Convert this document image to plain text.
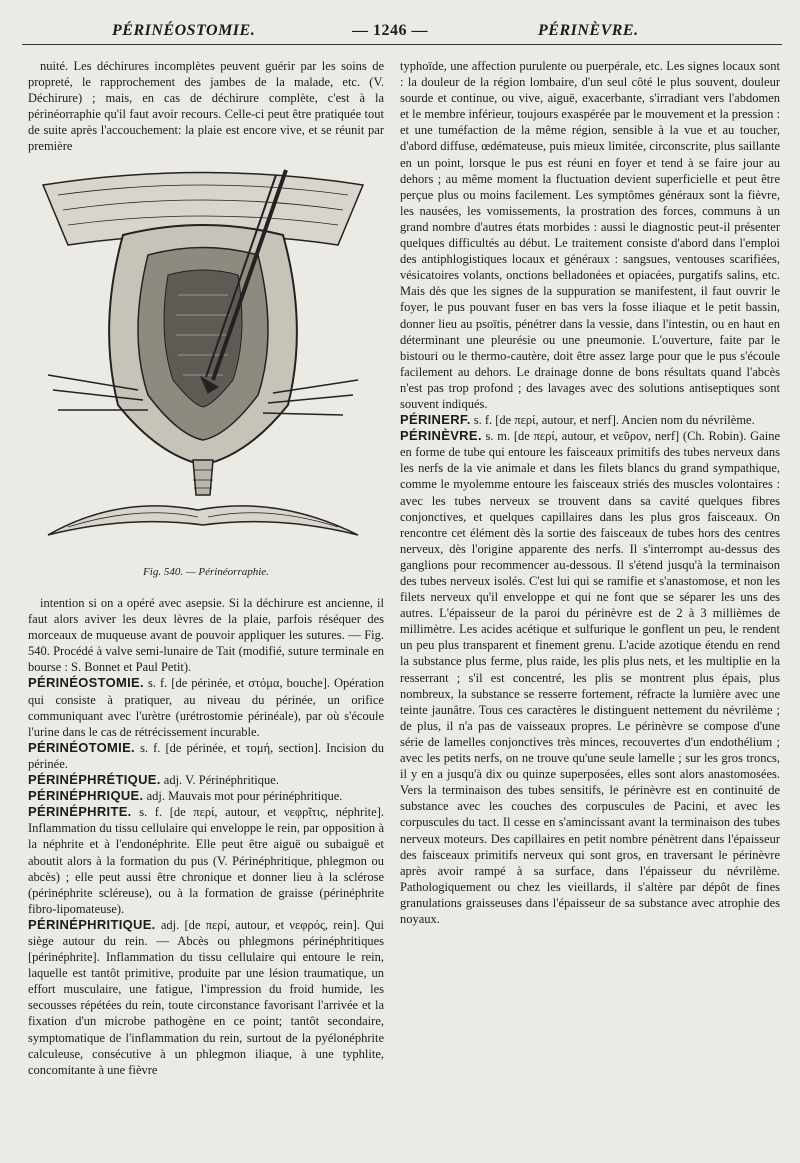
PÉRINÉOSTOMIE.	— 1246 —	PÉRINÈVRE.

nuité. Les déchirures incomplètes peuvent guérir par les soins de propreté, le rapprochement des jambes de la malade, etc. (V. Déchirure) ; mais, en cas de déchirure complète, c'est à la périnéorraphie qu'il faut avoir recours. Celle-ci peut être pratiquée tout de suite après l'accouchement: la plaie est encore vive, et se réunit par première

Fig. 540. — Périnéorraphie.

intention si on a opéré avec asepsie. Si la déchirure est ancienne, il faut alors aviver les deux lèvres de la plaie, parfois réséquer des morceaux de muqueuse avant de pouvoir appliquer les sutures. — Fig. 540. Procédé à valve semi-lunaire de Tait (modifié, suture terminale en bourse : S. Bonnet et Paul Petit).

PÉRINÉOSTOMIE. s. f. [de périnée, et στόμα, bouche]. Opération qui consiste à pratiquer, au niveau du périnée, un orifice communiquant avec l'urètre (urétrostomie périnéale), par où s'écoule l'urine dans le cas de rétrécissement incurable.

PÉRINÉOTOMIE. s. f. [de périnée, et τομή, section]. Incision du périnée.

PÉRINÉPHRÉTIQUE. adj. V. Périnéphritique.

PÉRINÉPHRIQUE. adj. Mauvais mot pour périnéphritique.

PÉRINÉPHRITE. s. f. [de περί, autour, et νεφρῖτις, néphrite]. Inflammation du tissu cellulaire qui enveloppe le rein, par opposition à la néphrite et à l'endonéphrite. Elle peut être aiguë ou subaiguë et aboutit alors à la formation du pus (V. Périnéphritique, phlegmon ou abcès) ; elle peut aussi être chronique et donner lieu à la sclérose (périnéphrite scléreuse), ou à la formation de graisse (périnéphrite fibro-lipomateuse).

PÉRINÉPHRITIQUE. adj. [de περί, autour, et νεφρός, rein]. Qui siège autour du rein. — Abcès ou phlegmons périnéphritiques [périnéphrite]. Inflammation du tissu cellulaire qui entoure le rein, laquelle est tantôt primitive, produite par une lésion traumatique, un effort musculaire, une fatigue, l'impression du froid humide, les secousses répétées du rein, toute circonstance favorisant l'arrivée et la fixation d'un microbe pathogène en ce point; tantôt secondaire, symptomatique de l'inflammation du rein, surtout de la pyélonéphrite calculeuse, consécutive à un phlegmon iliaque, à une typhlite, concomitante à une fièvre

typhoïde, une affection purulente ou puerpérale, etc. Les signes locaux sont : la douleur de la région lombaire, d'un seul côté le plus souvent, douleur sourde et continue, ou vive, aiguë, exacerbante, s'irradiant vers l'abdomen et le membre inférieur, toujours exaspérée par le mouvement et la pression : et une tuméfaction de la même région, sensible à la vue et au toucher, d'abord diffuse, œdémateuse, puis mieux limitée, circonscrite, plus saillante en un point, lorsque le pus est réuni en foyer et tend à se faire jour au dehors ; au même moment la fluctuation devient superficielle et peut être perçue plus ou moins facilement. Les symptômes généraux sont la fièvre, les nausées, les vomissements, la prostration des forces, communs à un grand nombre d'autres états morbides : aussi le diagnostic peut-il présenter quelques difficultés au début. Le traitement consiste d'abord dans l'emploi des antiphlogistiques locaux et généraux : sangsues, ventouses scarifiées, vésicatoires volants, onctions belladonées et opiacées, purgatifs salins, etc. Mais dès que les signes de la suppuration se manifestent, il faut ouvrir le foyer, le pus pouvant fuser en bas vers la fosse iliaque et le petit bassin, donner lieu au psoïtis, pénétrer dans la vessie, dans l'intestin, ou en haut en déterminant une pleurésie ou une pneumonie. L'ouverture, faite par le bistouri ou le thermo-cautère, doit être assez large pour que le pus s'écoule facilement au dehors. Le drainage donne de bons résultats quand l'abcès n'est pas trop profond ; des lavages avec des solutions antiseptiques sont souvent indiqués.

PÉRINERF. s. f. [de περί, autour, et nerf]. Ancien nom du névrilème.

PÉRINÈVRE. s. m. [de περί, autour, et νεῦρον, nerf] (Ch. Robin). Gaine en forme de tube qui entoure les faisceaux primitifs des tubes nerveux dans les nerfs de la vie animale et dans les filets blancs du grand sympathique, comme le myolemme entoure les faisceaux striés des muscles volontaires : avec les tubes nerveux se trouvent dans sa cavité quelques fibres conjonctives, et quelques capillaires dans les plus gros faisceaux. On rencontre cet élément dès la sortie des faisceaux de tubes hors des centres nerveux, dès l'origine apparente des nerfs. Il s'interrompt au-dessus des ganglions pour recommencer au-dessous. Il s'étend jusqu'à la terminaison des tubes nerveux isolés. C'est lui qui se ramifie et s'anastomose, et non les filets nerveux qu'il enveloppe et qui ne font que se séparer les uns des autres. L'épaisseur de la paroi du périnèvre est de 2 à 3 millièmes de millimètre. Les acides acétique et sulfurique le gonflent un peu, le rendent un peu plus transparent et finement grenu. L'acide azotique étendu en rend la substance plus ferme, plus raide, les plis plus nets, et les multiplie en la resserrant ; s'il est concentré, les plis se montrent plus épais, plus nombreux, la substance se resserre fortement, réfracte la lumière avec une teinte jaunâtre. Tous ces caractères le distinguent nettement du névrilème ; de plus, il n'a pas de vaisseaux propres. Le périnèvre se compose d'une série de lamelles conjonctives très minces, recouvertes d'un endothélium ; avec les petits nerfs, on ne trouve qu'une seule lamelle ; sur les gros troncs, il y en a jusqu'à dix ou quinze superposées, elles sont alors anastomosées. Vers la terminaison des tubes sensitifs, le périnèvre est en continuité de substance avec les couches des corpuscules de Pacini, et avec les corpuscules du tact. Il cesse en s'amincissant avant la terminaison des tubes nerveux moteurs. Des capillaires en petit nombre pénètrent dans l'épaisseur des faisceaux primitifs nerveux qui sont gros, en traversant le périnèvre après avoir rampé à sa surface, dans l'épaisseur du névrilème. Pathologiquement ou chez les vieillards, il s'altère par dépôt de fines granulations graisseuses dans l'épaisseur de sa substance avec atrophie des noyaux.
